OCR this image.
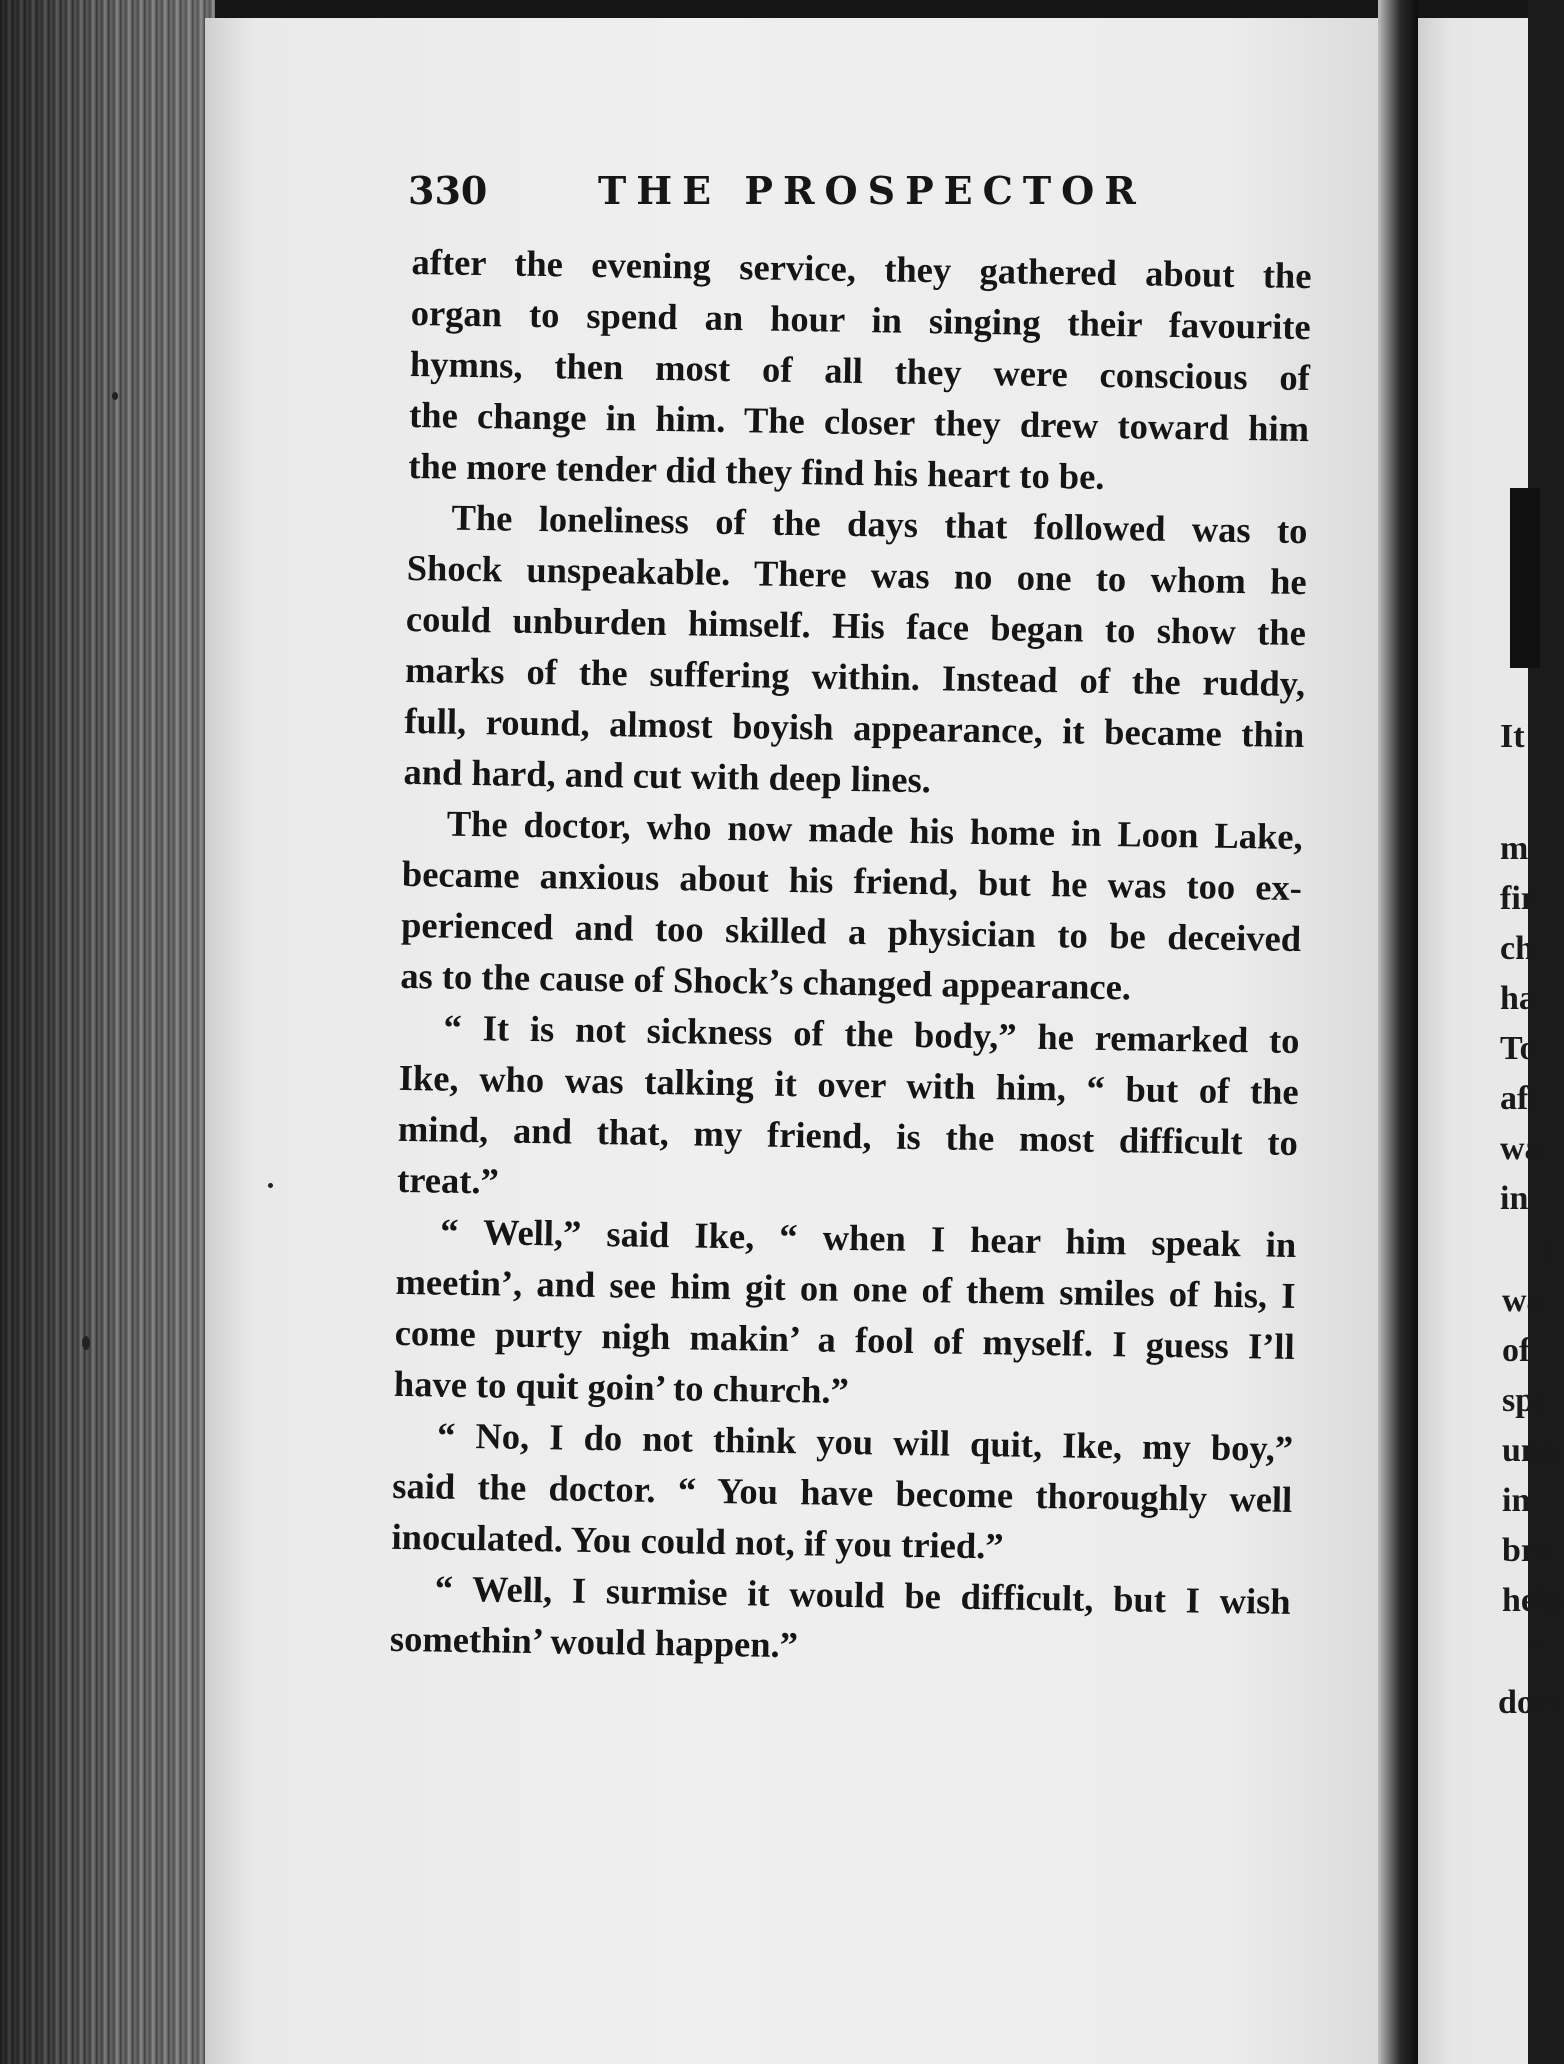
330	THE PROSPECTOR

after the evening service, they gathered about the
organ to spend an hour in singing their favourite
hymns, then most of all they were conscious of
the change in him. The closer they drew toward him
the more tender did they find his heart to be.

The loneliness of the days that followed was to
Shock unspeakable. There was no one to whom he
could unburden himself. His face began to show the
marks of the suffering within. Instead of the ruddy,
full, round, almost boyish appearance, it became thin
and hard, and cut with deep lines.

The doctor, who now made his home in Loon Lake,
became anxious about his friend, but he was too ex-
perienced and too skilled a physician to be deceived
as to the cause of Shock’s changed appearance.

“ It is not sickness of the body,” he remarked to
Ike, who was talking it over with him, “ but of the
mind, and that, my friend, is the most difficult to
treat.”

“ Well,” said Ike, “ when I hear him speak in
meetin’, and see him git on one of them smiles of his, I
come purty nigh makin’ a fool of myself. I guess I’ll
have to quit goin’ to church.”

“ No, I do not think you will quit, Ike, my boy,”
said the doctor. “ You have become thoroughly well
inoculated. You could not, if you tried.”

“ Well, I surmise it would be difficult, but I wish
somethin’ would happen.”

It
m
fir
ch
ha
To
aff
wa
in
I
wa
of
spe
unn
in
bro
help
“
doct
